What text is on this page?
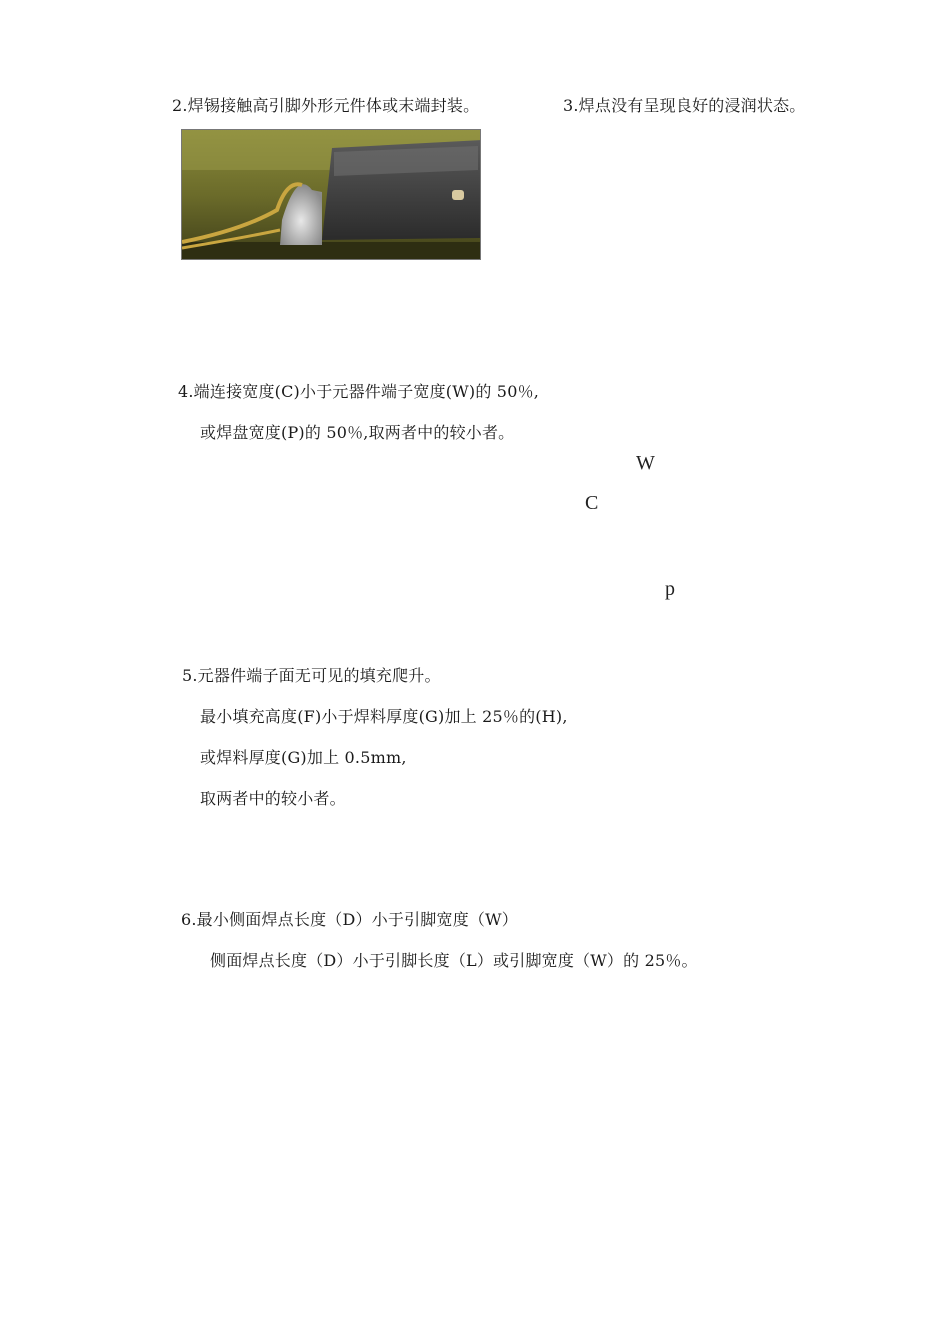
2.焊锡接触高引脚外形元件体或末端封装。	3.焊点没有呈现良好的浸润状态。
4.端连接宽度(C)小于元器件端子宽度(W)的 50％,
或焊盘宽度(P)的 50％,取两者中的较小者。
W
C
p
5.元器件端子面无可见的填充爬升。
最小填充高度(F)小于焊料厚度(G)加上 25％的(H),
或焊料厚度(G)加上 0.5mm,
取两者中的较小者。
6.最小侧面焊点长度（D）小于引脚宽度（W）
侧面焊点长度（D）小于引脚长度（L）或引脚宽度（W）的 25％。
